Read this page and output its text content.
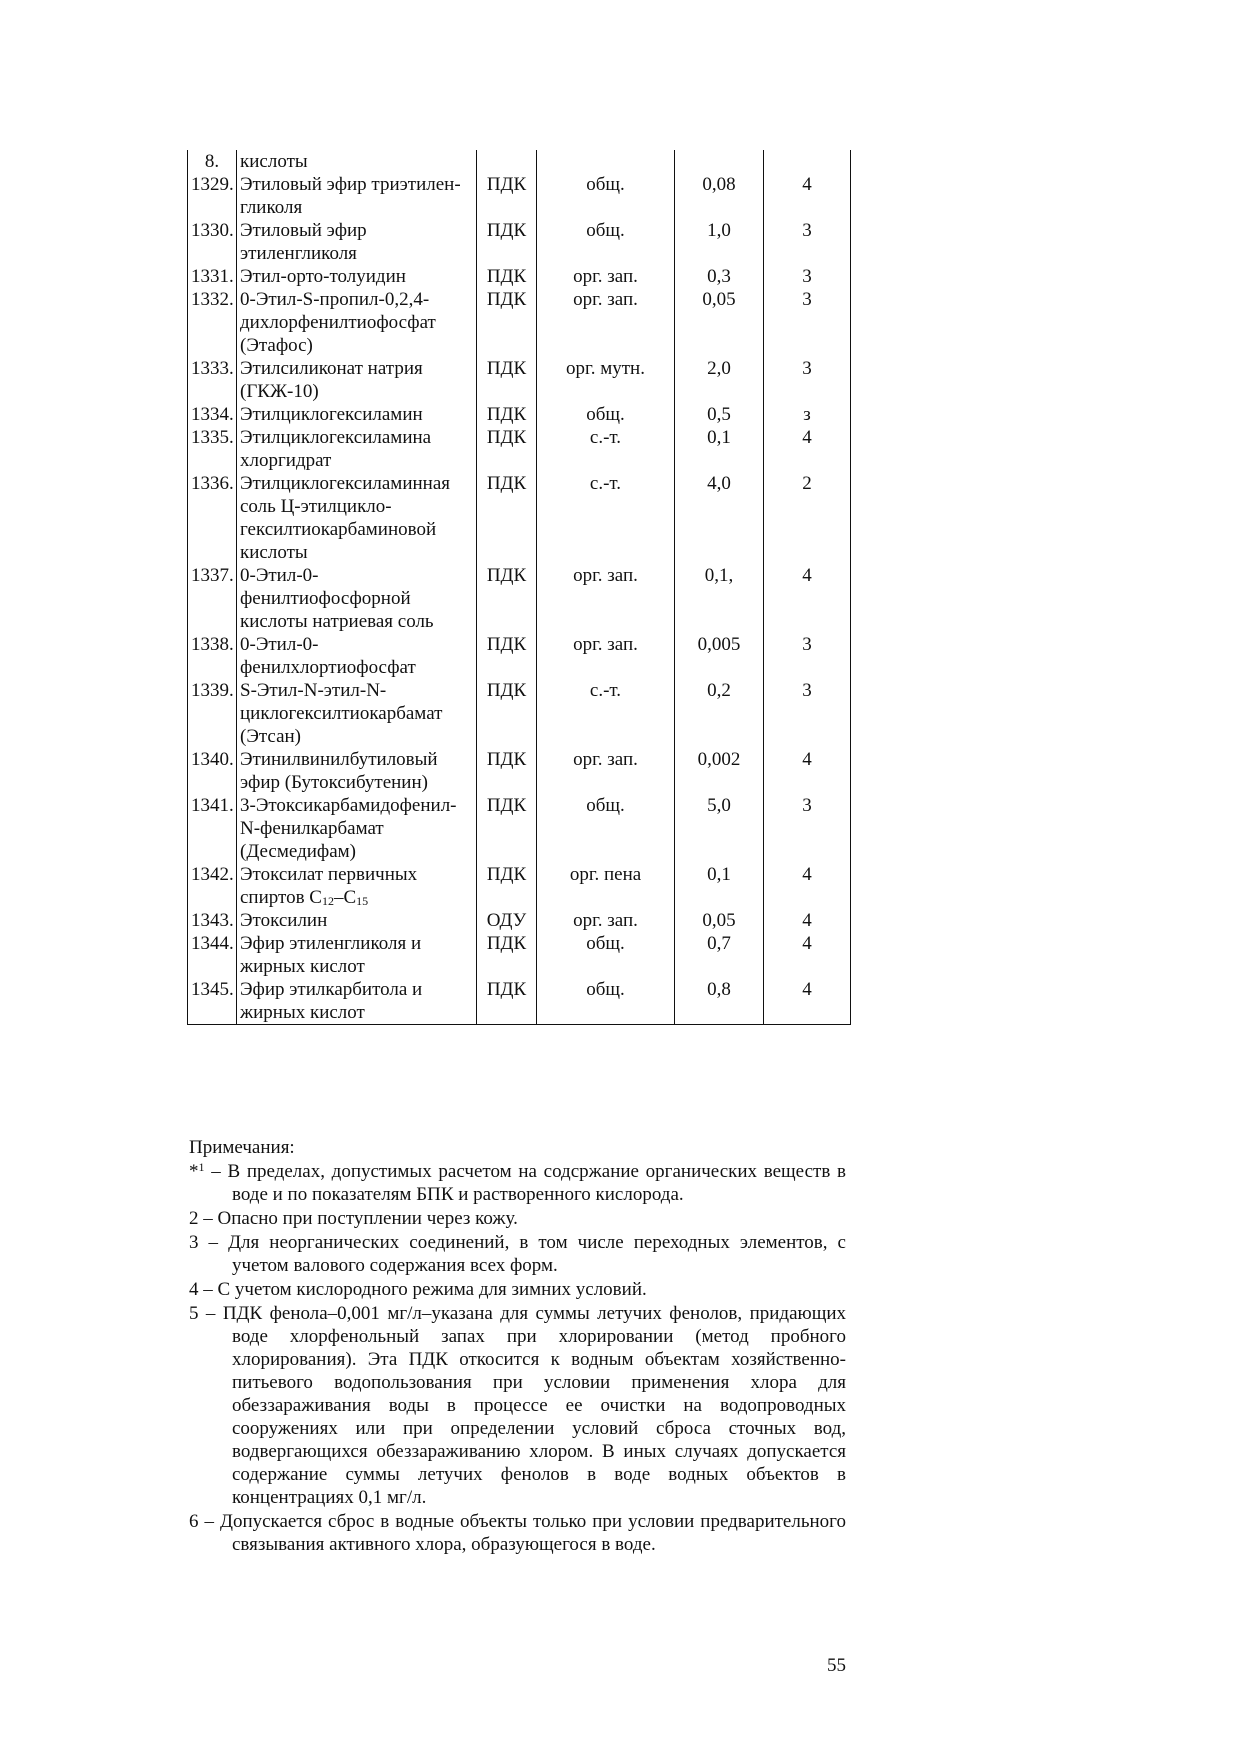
8.	кислоты				
1329.	Этиловый эфир триэтилен-гликоля	ПДК	общ.	0,08	4
1330.	Этиловый эфир этиленгликоля	ПДК	общ.	1,0	3
1331.	Этил-орто-толуидин	ПДК	орг. зап.	0,3	3
1332.	0-Этил-S-пропил-0,2,4-дихлорфенилтиофосфат (Этафос)	ПДК	орг. зап.	0,05	3
1333.	Этилсиликонат натрия (ГКЖ-10)	ПДК	орг. мутн.	2,0	3
1334.	Этилциклогексиламин	ПДК	общ.	0,5	з
1335.	Этилциклогексиламина хлоргидрат	ПДК	с.-т.	0,1	4
1336.	Этилциклогексиламинная соль Ц-этилцикло-гексилтиокарбаминовой кислоты	ПДК	с.-т.	4,0	2
1337.	0-Этил-0-фенилтиофосфорной кислоты натриевая соль	ПДК	орг. зап.	0,1,	4
1338.	0-Этил-0-фенилхлортиофосфат	ПДК	орг. зап.	0,005	3
1339.	S-Этил-N-этил-N-циклогексилтиокарбамат (Этсан)	ПДК	с.-т.	0,2	3
1340.	Этинилвинилбутиловый эфир (Бутоксибутенин)	ПДК	орг. зап.	0,002	4
1341.	3-Этоксикарбамидофенил-N-фенилкарбамат (Десмедифам)	ПДК	общ.	5,0	3
1342.	Этоксилат первичных спиртов $C_{12}-C_{15}$	ПДК	орг. пена	0,1	4
1343.	Этоксилин	ОДУ	орг. зап.	0,05	4
1344.	Эфир этиленгликоля и жирных кислот	ПДК	общ.	0,7	4
1345.	Эфир этилкарбитола и жирных кислот	ПДК	общ.	0,8	4
Примечания:
*$^1$ – В пределах, допустимых расчетом на содсржание органических веществ в воде и по показателям БПК и растворенного кислорода.
2 – Опасно при поступлении через кожу.
3 – Для неорганических соединений, в том числе переходных элементов, с учетом валового содержания всех форм.
4 – С учетом кислородного режима для зимних условий.
5 – ПДК фенола–0,001 мг/л–указана для суммы летучих фенолов, придающих воде хлорфенольный запах при хлорировании (метод пробного хлорирования). Эта ПДК откосится к водным объектам хозяйственно-питьевого водопользования при условии применения хлора для обеззараживания воды в процессе ее очистки на водопроводных сооружениях или при определении условий сброса сточных вод, водвергающихся обеззараживанию хлором. В иных случаях допускается содержание суммы летучих фенолов в воде водных объектов в концентрациях 0,1 мг/л.
6 – Допускается сброс в водные объекты только при условии предварительного связывания активного хлора, образующегося в воде.
55
